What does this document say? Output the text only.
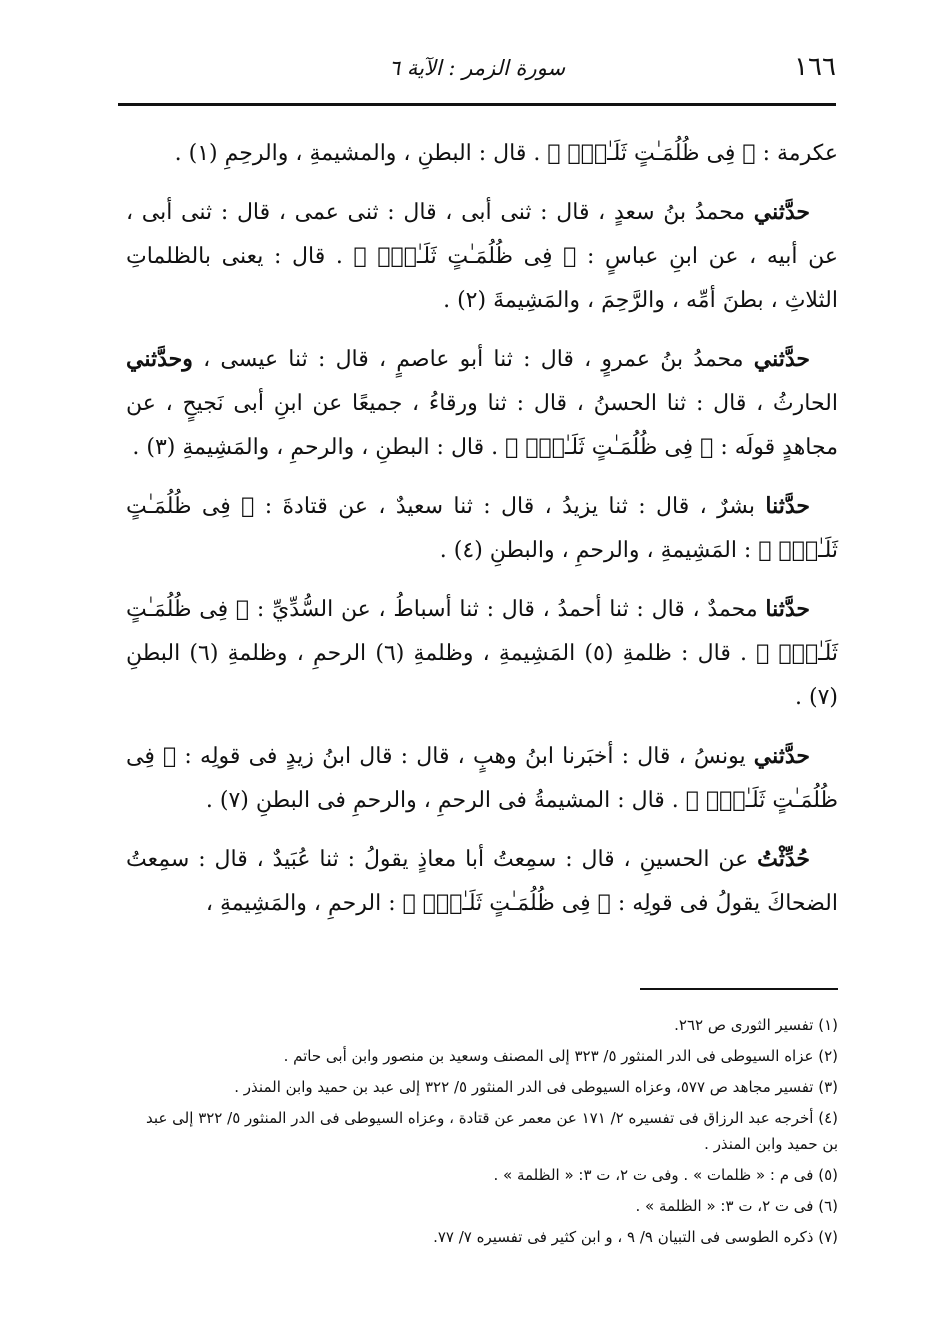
١٦٦
سورة الزمر : الآية ٦

عكرمة : ﴿ فِى ظُلُمَـٰتٍ ثَلَـٰثٍۚ ﴾ . قال : البطنِ ، والمشيمةِ ، والرحِمِ (١) .

حدَّثني محمدُ بنُ سعدٍ ، قال : ثنى أبى ، قال : ثنى عمى ، قال : ثنى أبى ، عن أبيه ، عن ابنِ عباسٍ : ﴿ فِى ظُلُمَـٰتٍ ثَلَـٰثٍۚ ﴾ . قال : يعنى بالظلماتِ الثلاثِ ، بطنَ أمِّه ، والرَّحِمَ ، والمَشِيمةَ (٢) .

حدَّثني محمدُ بنُ عمروٍ ، قال : ثنا أبو عاصمٍ ، قال : ثنا عيسى ، وحدَّثني الحارثُ ، قال : ثنا الحسنُ ، قال : ثنا ورقاءُ ، جميعًا عن ابنِ أبى نَجيحٍ ، عن مجاهدٍ قولَه : ﴿ فِى ظُلُمَـٰتٍ ثَلَـٰثٍۚ ﴾ . قال : البطنِ ، والرحمِ ، والمَشِيمةِ (٣) .

حدَّثنا بشرٌ ، قال : ثنا يزيدُ ، قال : ثنا سعيدٌ ، عن قتادةَ : ﴿ فِى ظُلُمَـٰتٍ ثَلَـٰثٍۚ ﴾ : المَشِيمةِ ، والرحمِ ، والبطنِ (٤) .

حدَّثنا محمدٌ ، قال : ثنا أحمدُ ، قال : ثنا أسباطُ ، عن السُّدِّيِّ : ﴿ فِى ظُلُمَـٰتٍ ثَلَـٰثٍۚ ﴾ . قال : ظلمةِ (٥) المَشِيمةِ ، وظلمةِ (٦) الرحمِ ، وظلمةِ (٦) البطنِ (٧) .

حدَّثني يونسُ ، قال : أخبَرنا ابنُ وهبٍ ، قال : قال ابنُ زيدٍ فى قولِه : ﴿ فِى ظُلُمَـٰتٍ ثَلَـٰثٍۚ ﴾ . قال : المشيمةُ فى الرحمِ ، والرحمِ فى البطنِ (٧) .

حُدِّثْتُ عن الحسينِ ، قال : سمِعتُ أبا معاذٍ يقولُ : ثنا عُبَيدٌ ، قال : سمِعتُ الضحاكَ يقولُ فى قولِه : ﴿ فِى ظُلُمَـٰتٍ ثَلَـٰثٍۚ ﴾ : الرحمِ ، والمَشِيمةِ ،

(١) تفسير الثورى ص ٢٦٢.
(٢) عزاه السيوطى فى الدر المنثور ٥/ ٣٢٣ إلى المصنف وسعيد بن منصور وابن أبى حاتم .
(٣) تفسير مجاهد ص ٥٧٧، وعزاه السيوطى فى الدر المنثور ٥/ ٣٢٢ إلى عبد بن حميد وابن المنذر .
(٤) أخرجه عبد الرزاق فى تفسيره ٢/ ١٧١ عن معمر عن قتادة ، وعزاه السيوطى فى الدر المنثور ٥/ ٣٢٢ إلى عبد بن حميد وابن المنذر .
(٥) فى م : « ظلمات » . وفى ت ٢، ت ٣: « الظلمة » .
(٦) فى ت ٢، ت ٣: « الظلمة » .
(٧) ذكره الطوسى فى التبيان ٩/ ٩ ، و ابن كثير فى تفسيره ٧/ ٧٧.
